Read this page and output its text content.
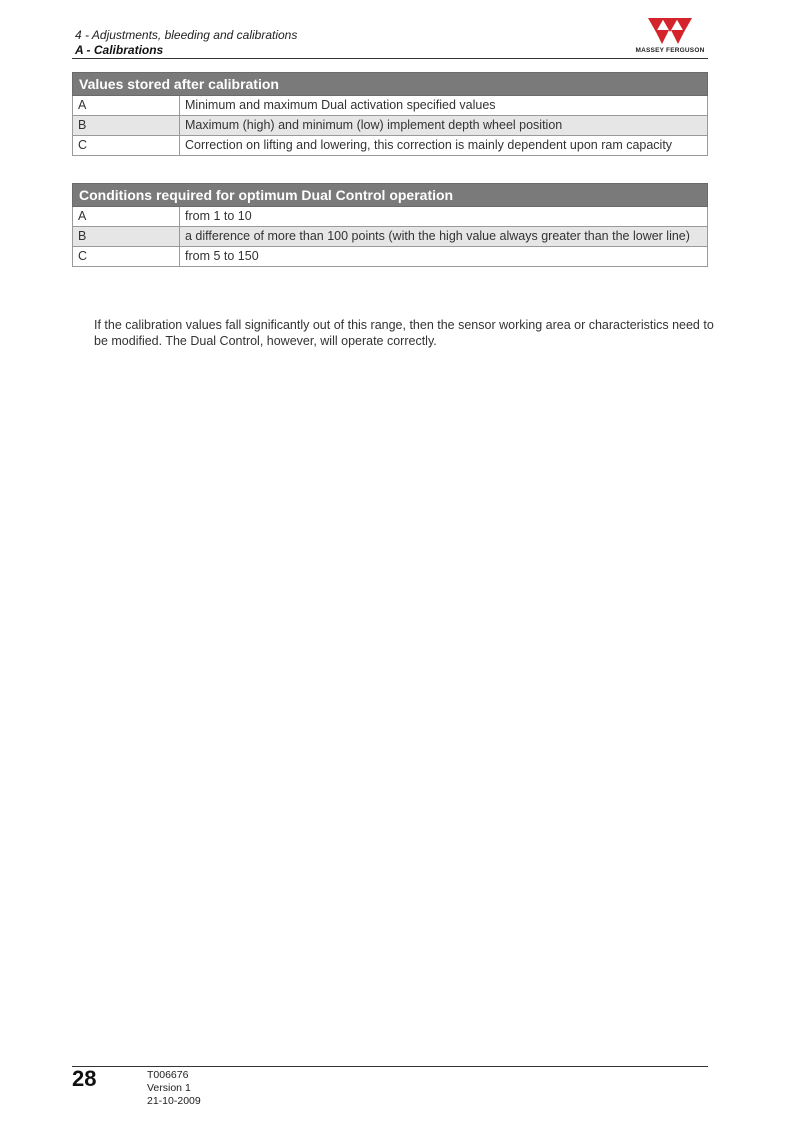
4 - Adjustments, bleeding and calibrations
A - Calibrations	MASSEY FERGUSON
Values stored after calibration	
A	Minimum and maximum Dual activation specified values
B	Maximum (high) and minimum (low) implement depth wheel position
C	Correction on lifting and lowering, this correction is mainly dependent upon ram capacity
Conditions required for optimum Dual Control operation	
A	from 1 to 10
B	a difference of more than 100 points (with the high value always greater than the lower line)
C	from 5 to 150

If the calibration values fall significantly out of this range, then the sensor working area or characteristics need to be modified. The Dual Control, however, will operate correctly.

28	T006676
Version 1
21-10-2009
